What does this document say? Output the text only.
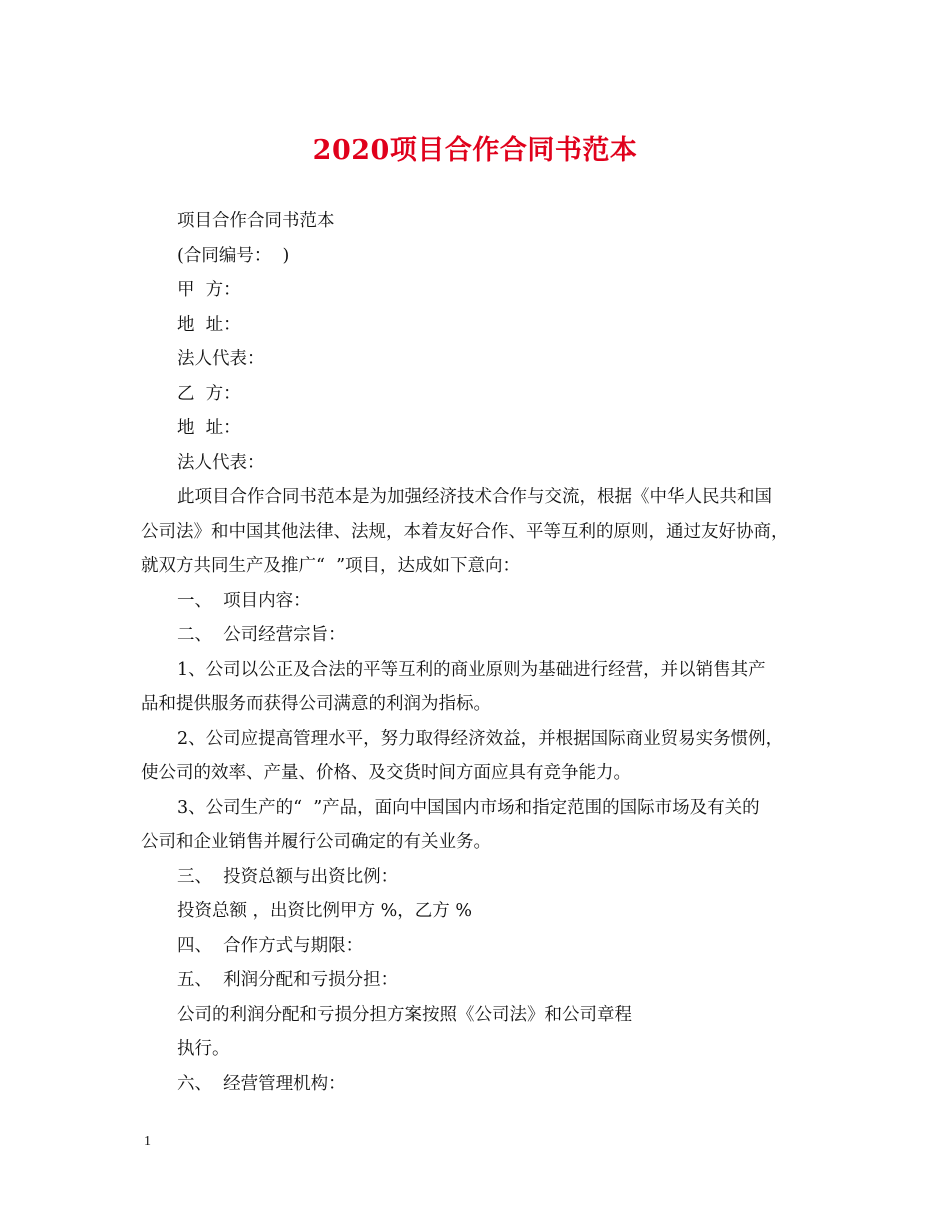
2020项目合作合同书范本
项目合作合同书范本
(合同编号：  )
甲  方：
地  址：
法人代表：
乙  方：
地  址：
法人代表：
此项目合作合同书范本是为加强经济技术合作与交流，根据《中华人民共和国
公司法》和中国其他法律、法规，本着友好合作、平等互利的原则，通过友好协商，
就双方共同生产及推广“  ”项目，达成如下意向：
一、  项目内容：
二、  公司经营宗旨：
1、公司以公正及合法的平等互利的商业原则为基础进行经营，并以销售其产
品和提供服务而获得公司满意的利润为指标。
2、公司应提高管理水平，努力取得经济效益，并根据国际商业贸易实务惯例，
使公司的效率、产量、价格、及交货时间方面应具有竞争能力。
3、公司生产的“  ”产品，面向中国国内市场和指定范围的国际市场及有关的
公司和企业销售并履行公司确定的有关业务。
三、  投资总额与出资比例：
投资总额 ，出资比例甲方 %，乙方 %
四、  合作方式与期限：
五、  利润分配和亏损分担：
公司的利润分配和亏损分担方案按照《公司法》和公司章程
执行。
六、  经营管理机构：
1
